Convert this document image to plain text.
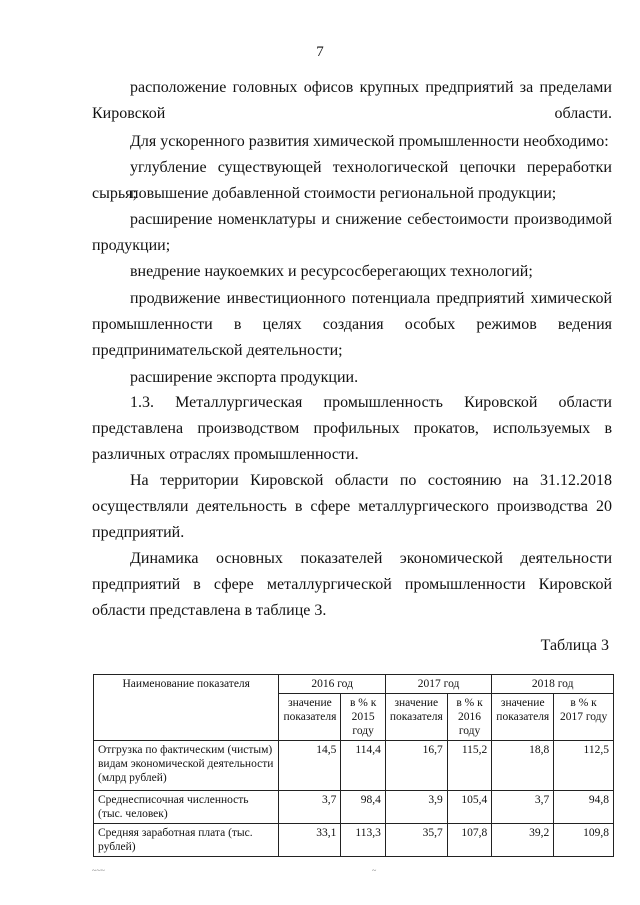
7

расположение головных офисов крупных предприятий за пределами Кировской области.

Для ускоренного развития химической промышленности необходимо:

углубление существующей технологической цепочки переработки сырья;

повышение добавленной стоимости региональной продукции;

расширение номенклатуры и снижение себестоимости производимой продукции;

внедрение наукоемких и ресурсосберегающих технологий;

продвижение инвестиционного потенциала предприятий химической промышленности в целях создания особых режимов ведения предпринимательской деятельности;

расширение экспорта продукции.

1.3. Металлургическая промышленность Кировской области представлена производством профильных прокатов, используемых в различных отраслях промышленности.

На территории Кировской области по состоянию на 31.12.2018 осуществляли деятельность в сфере металлургического производства 20 предприятий.

Динамика основных показателей экономической деятельности предприятий в сфере металлургической промышленности Кировской области представлена в таблице 3.

Таблица 3
Наименование показателя	2016 год		2017 год		2018 год	
	значение показателя	в % к 2015 году	значение показателя	в % к 2016 году	значение показателя	в % к 2017 году
Отгрузка по фактическим (чистым) видам экономической деятельности (млрд рублей)	14,5	114,4	16,7	115,2	18,8	112,5
Среднесписочная численность (тыс. человек)	3,7	98,4	3,9	105,4	3,7	94,8
Средняя заработная плата (тыс. рублей)	33,1	113,3	35,7	107,8	39,2	109,8
~~~	~
